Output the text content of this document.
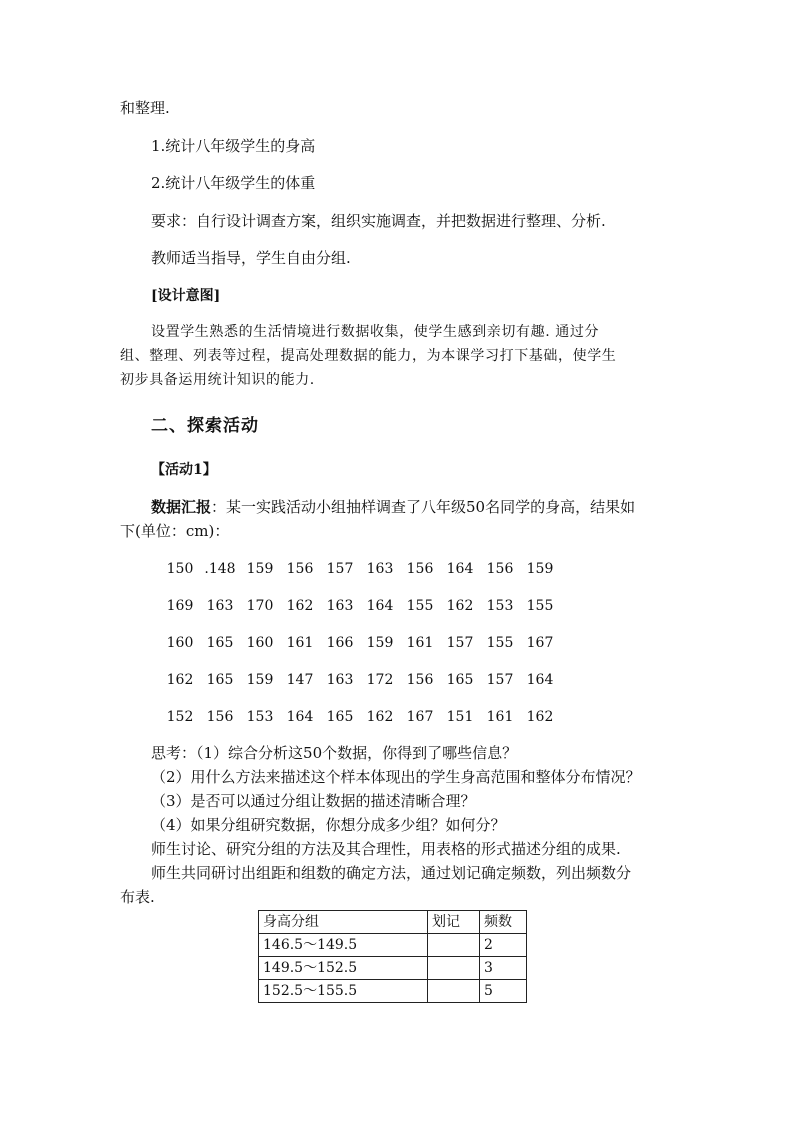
和整理.
1.统计八年级学生的身高
2.统计八年级学生的体重
要求：自行设计调查方案，组织实施调查，并把数据进行整理、分析.
教师适当指导，学生自由分组.
[设计意图]
设置学生熟悉的生活情境进行数据收集，使学生感到亲切有趣. 通过分
组、整理、列表等过程，提高处理数据的能力，为本课学习打下基础，使学生
初步具备运用统计知识的能力.
二、探索活动
【活动1】
数据汇报：某一实践活动小组抽样调查了八年级50名同学的身高，结果如
下(单位：cm)：
150 .148 159 156 157 163 156 164 156 159
169 163 170 162 163 164 155 162 153 155
160 165 160 161 166 159 161 157 155 167
162 165 159 147 163 172 156 165 157 164
152 156 153 164 165 162 167 151 161 162
思考：（1）综合分析这50个数据，你得到了哪些信息？
（2）用什么方法来描述这个样本体现出的学生身高范围和整体分布情况？
（3）是否可以通过分组让数据的描述清晰合理？
（4）如果分组研究数据，你想分成多少组？如何分？
师生讨论、研究分组的方法及其合理性，用表格的形式描述分组的成果.
师生共同研讨出组距和组数的确定方法，通过划记确定频数，列出频数分
布表.
身高分组	划记	频数
146.5～149.5		2
149.5～152.5		3
152.5～155.5		5
